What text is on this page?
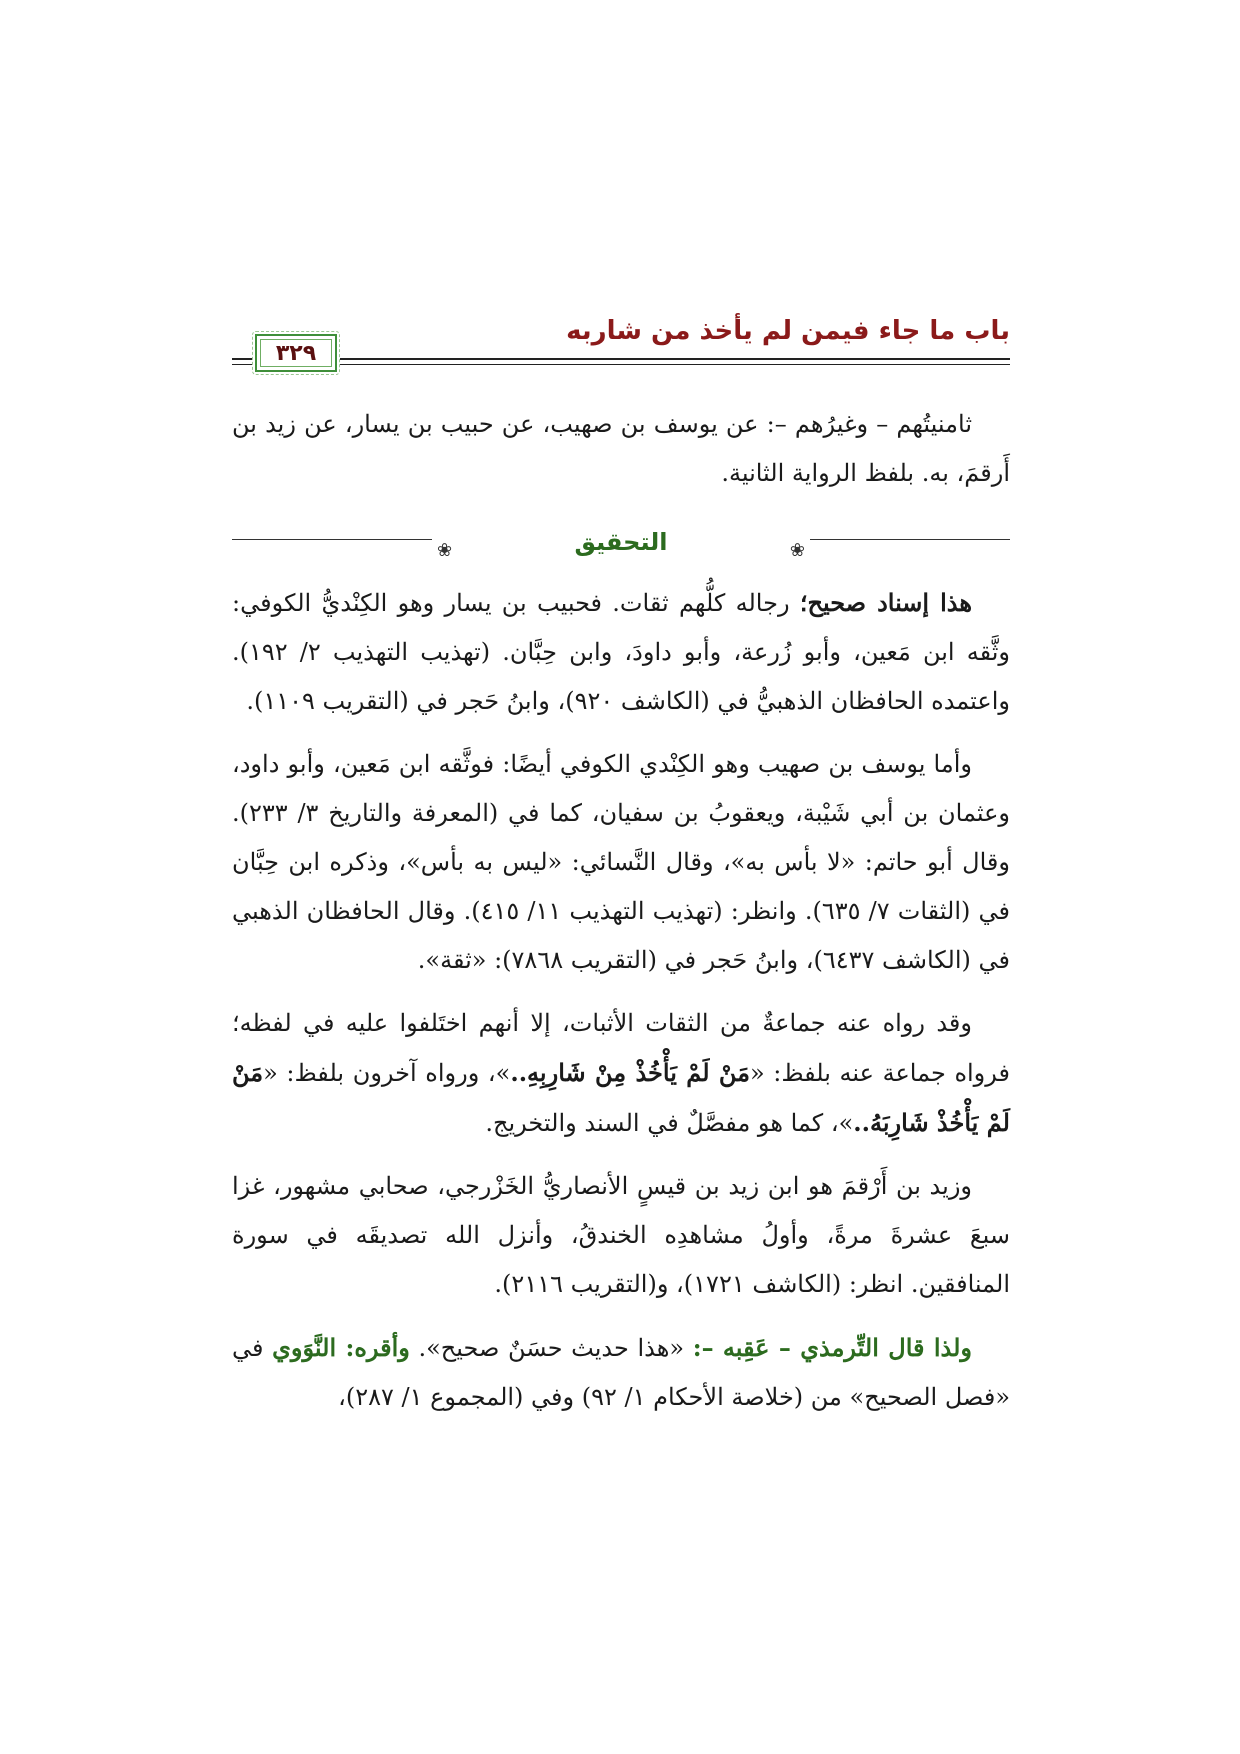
باب ما جاء فيمن لم يأخذ من شاربه
٣٢٩

ثامنيتُهم – وغيرُهم –: عن يوسف بن صهيب، عن حبيب بن يسار، عن زيد بن أَرقمَ، به. بلفظ الرواية الثانية.

❀
التحقيق
❀

هذا إسناد صحيح؛ رجاله كلُّهم ثقات. فحبيب بن يسار وهو الكِنْديُّ الكوفي: وثَّقه ابن مَعين، وأبو زُرعة، وأبو داودَ، وابن حِبَّان. (تهذيب التهذيب ٢/ ١٩٢). واعتمده الحافظان الذهبيُّ في (الكاشف ٩٢٠)، وابنُ حَجر في (التقريب ١١٠٩).

وأما يوسف بن صهيب وهو الكِنْدي الكوفي أيضًا: فوثَّقه ابن مَعين، وأبو داود، وعثمان بن أبي شَيْبة، ويعقوبُ بن سفيان، كما في (المعرفة والتاريخ ٣/ ٢٣٣). وقال أبو حاتم: «لا بأس به»، وقال النَّسائي: «ليس به بأس»، وذكره ابن حِبَّان في (الثقات ٧/ ٦٣٥). وانظر: (تهذيب التهذيب ١١/ ٤١٥). وقال الحافظان الذهبي في (الكاشف ٦٤٣٧)، وابنُ حَجر في (التقريب ٧٨٦٨): «ثقة».

وقد رواه عنه جماعةٌ من الثقات الأثبات، إلا أنهم اختَلفوا عليه في لفظه؛ فرواه جماعة عنه بلفظ: «مَنْ لَمْ يَأْخُذْ مِنْ شَارِبِهِ..»، ورواه آخرون بلفظ: «مَنْ لَمْ يَأْخُذْ شَارِبَهُ..»، كما هو مفصَّلٌ في السند والتخريج.

وزيد بن أَرْقمَ هو ابن زيد بن قيسٍ الأنصاريُّ الخَزْرجي، صحابي مشهور، غزا سبعَ عشرةَ مرةً، وأولُ مشاهدِه الخندقُ، وأنزل الله تصديقَه في سورة المنافقين. انظر: (الكاشف ١٧٢١)، و(التقريب ٢١١٦).

ولذا قال التِّرمذي – عَقِبه –: «هذا حديث حسَنٌ صحيح». وأقره: النَّوَوي في «فصل الصحيح» من (خلاصة الأحكام ١/ ٩٢) وفي (المجموع ١/ ٢٨٧)،
